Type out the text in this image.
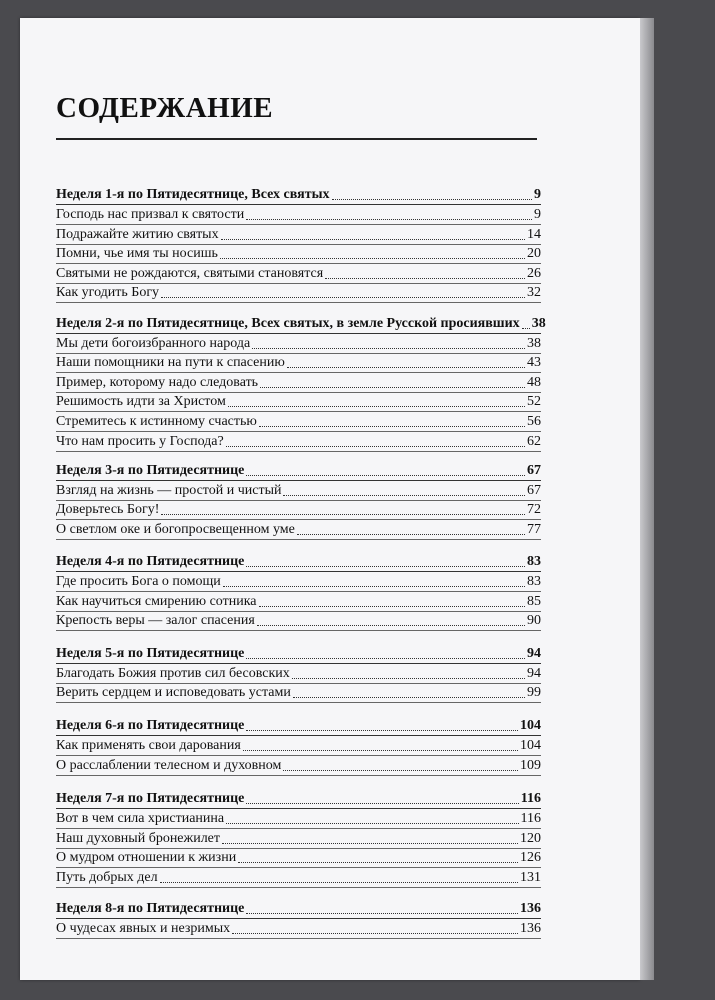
СОДЕРЖАНИЕ
Неделя 1-я по Пятидесятнице, Всех святых	9
Господь нас призвал к святости	9
Подражайте житию святых	14
Помни, чье имя ты носишь	20
Святыми не рождаются, святыми становятся	26
Как угодить Богу	32
Неделя 2-я по Пятидесятнице, Всех святых, в земле Русской просиявших 38
Мы дети богоизбранного народа	38
Наши помощники на пути к спасению	43
Пример, которому надо следовать	48
Решимость идти за Христом	52
Стремитесь к истинному счастью	56
Что нам просить у Господа?	62
Неделя 3-я по Пятидесятнице	67
Взгляд на жизнь — простой и чистый	67
Доверьтесь Богу!	72
О светлом оке и богопросвещенном уме	77
Неделя 4-я по Пятидесятнице	83
Где просить Бога о помощи	83
Как научиться смирению сотника	85
Крепость веры — залог спасения	90
Неделя 5-я по Пятидесятнице	94
Благодать Божия против сил бесовских	94
Верить сердцем и исповедовать устами	99
Неделя 6-я по Пятидесятнице	104
Как применять свои дарования	104
О расслаблении телесном и духовном	109
Неделя 7-я по Пятидесятнице	116
Вот в чем сила христианина	116
Наш духовный бронежилет	120
О мудром отношении к жизни	126
Путь добрых дел	131
Неделя 8-я по Пятидесятнице	136
О чудесах явных и незримых	136
